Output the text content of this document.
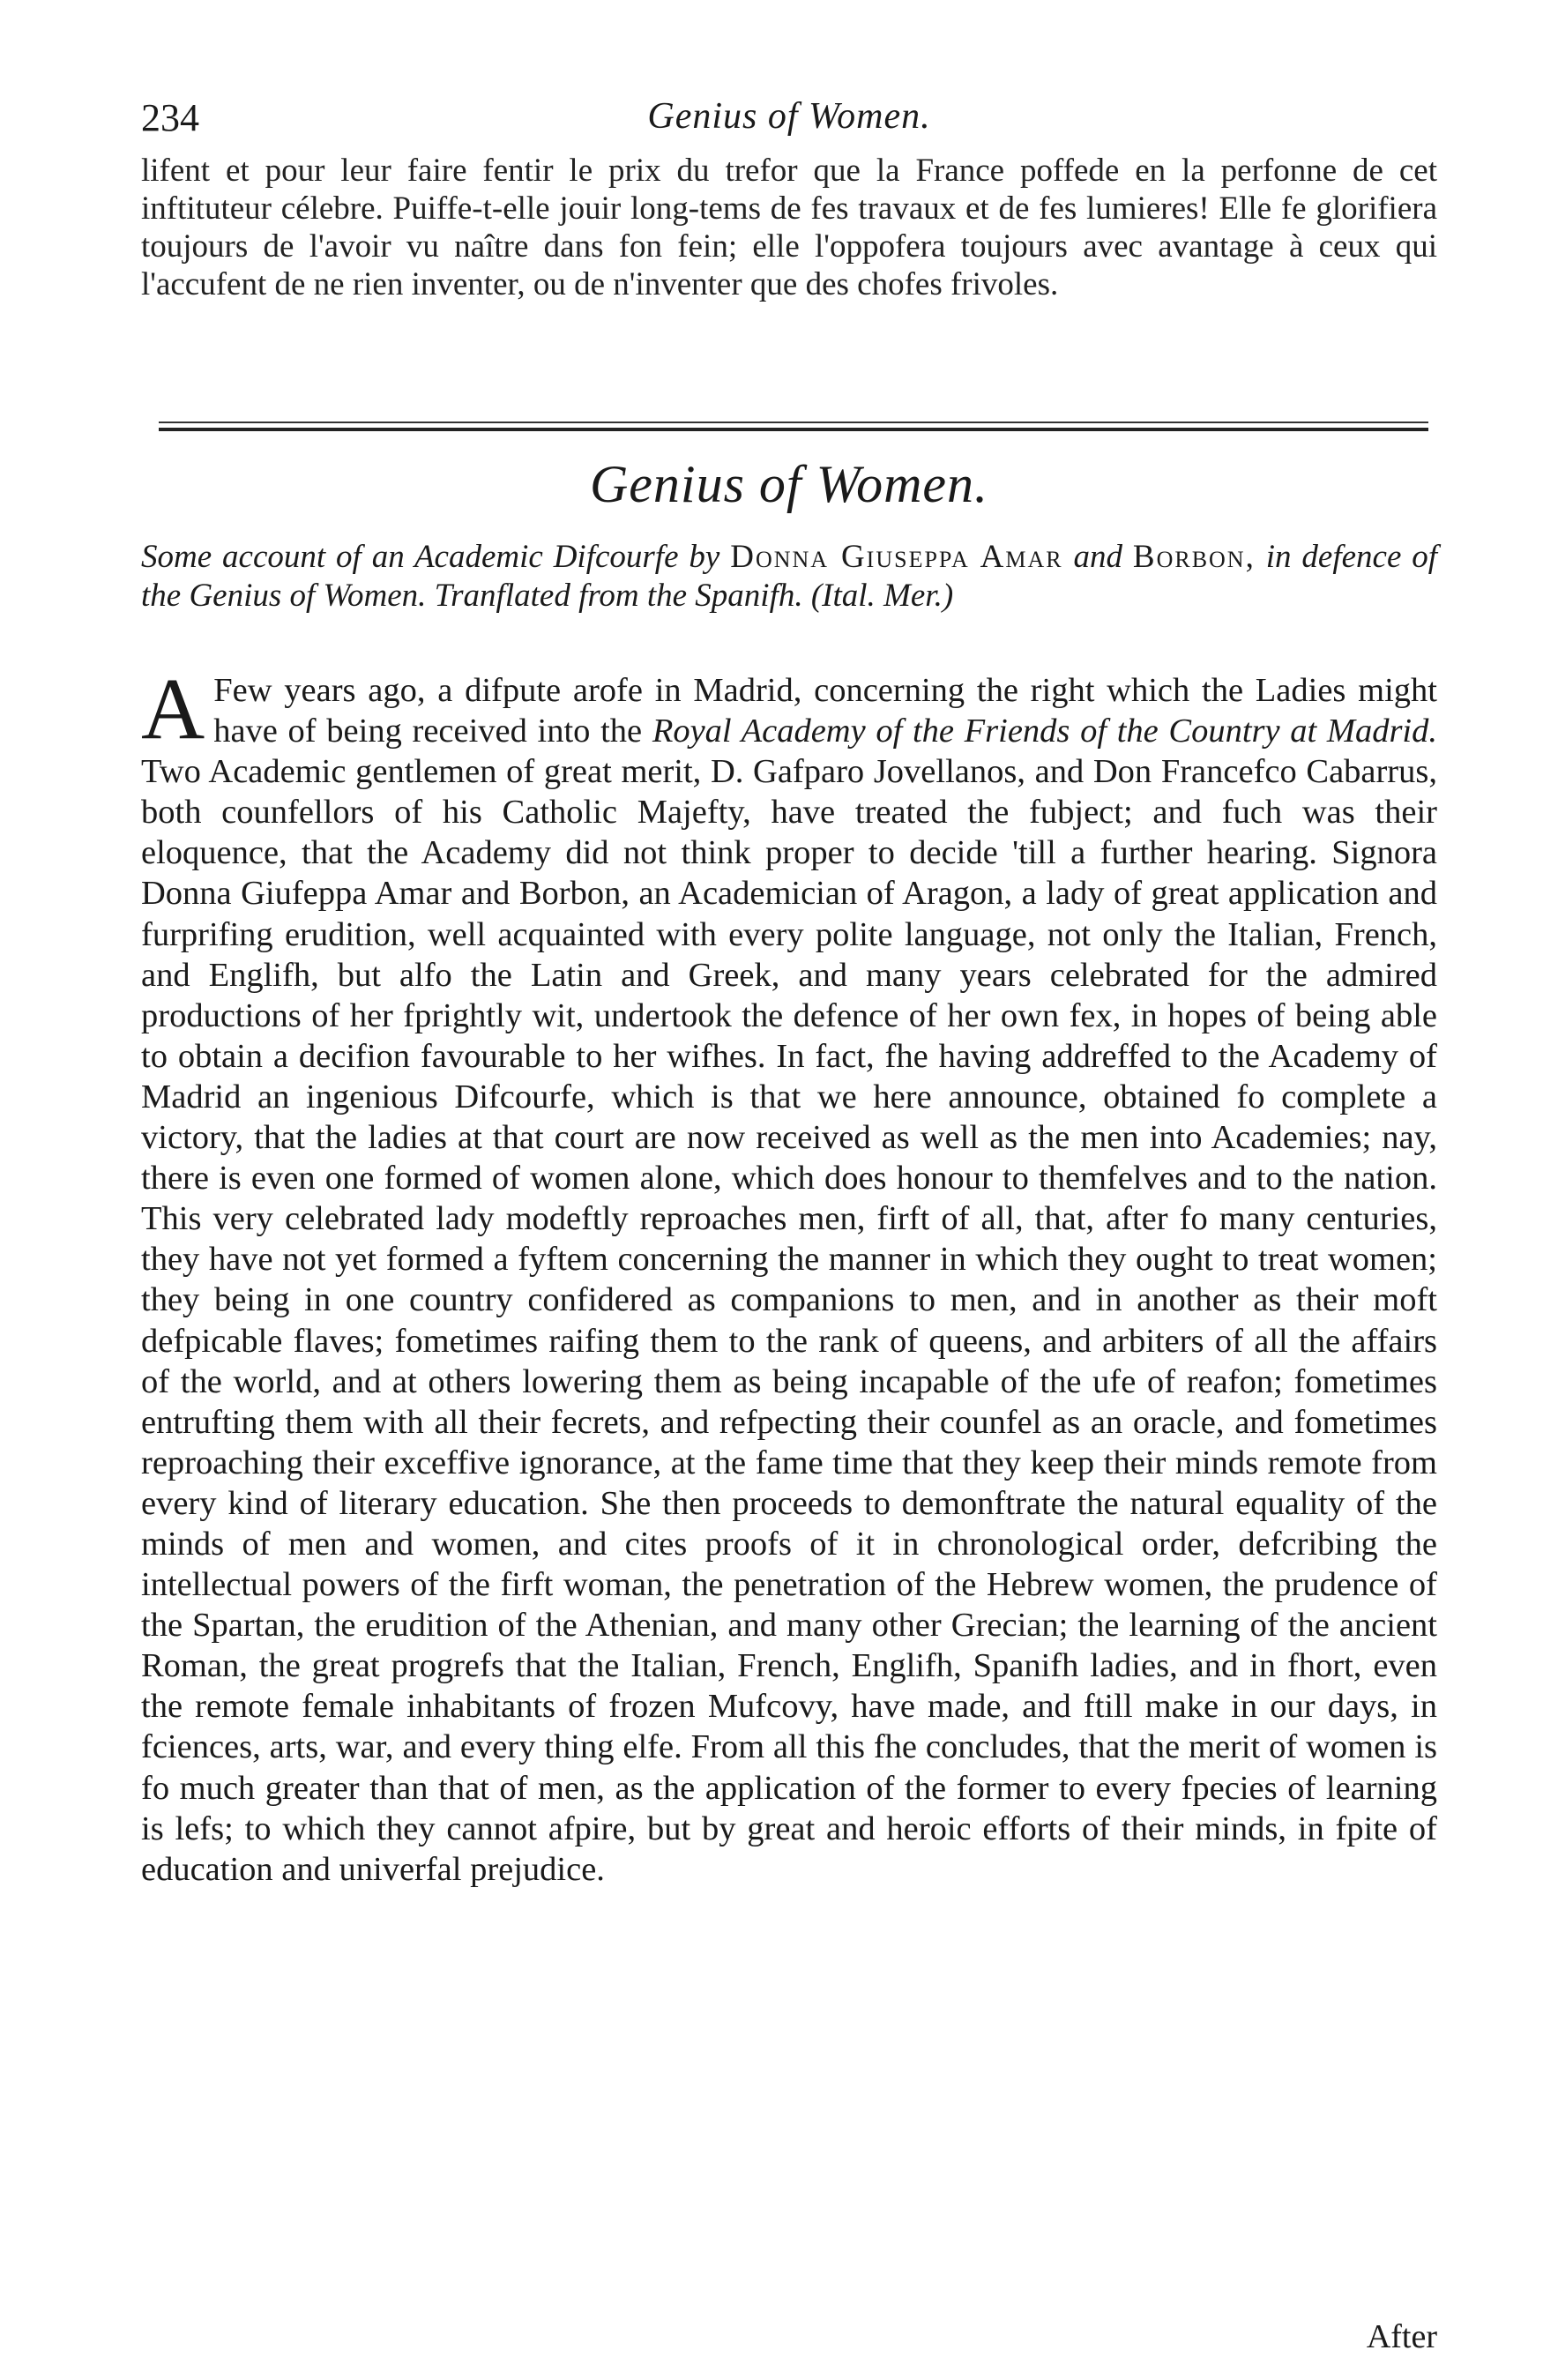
234	Genius of Women.

lifent et pour leur faire fentir le prix du trefor que la France poffede en la perfonne de cet inftituteur célebre. Puiffe-t-elle jouir long-tems de fes travaux et de fes lumieres! Elle fe glorifiera toujours de l'avoir vu naître dans fon fein; elle l'oppofera toujours avec avantage à ceux qui l'accufent de ne rien inventer, ou de n'inventer que des chofes frivoles.

Genius of Women.
Some account of an Academic Difcourfe by Donna Giuseppa Amar and Borbon, in defence of the Genius of Women. Tranflated from the Spanifh. (Ital. Mer.)

A Few years ago, a difpute arofe in Madrid, concerning the right which the Ladies might have of being received into the Royal Academy of the Friends of the Country at Madrid. Two Academic gentlemen of great merit, D. Gafparo Jovellanos, and Don Francefco Cabarrus, both counfellors of his Catholic Majefty, have treated the fubject; and fuch was their eloquence, that the Academy did not think proper to decide 'till a further hearing. Signora Donna Giufeppa Amar and Borbon, an Academician of Aragon, a lady of great application and furprifing erudition, well acquainted with every polite language, not only the Italian, French, and Englifh, but alfo the Latin and Greek, and many years celebrated for the admired productions of her fprightly wit, undertook the defence of her own fex, in hopes of being able to obtain a decifion favourable to her wifhes. In fact, fhe having addreffed to the Academy of Madrid an ingenious Difcourfe, which is that we here announce, obtained fo complete a victory, that the ladies at that court are now received as well as the men into Academies; nay, there is even one formed of women alone, which does honour to themfelves and to the nation. This very celebrated lady modeftly reproaches men, firft of all, that, after fo many centuries, they have not yet formed a fyftem concerning the manner in which they ought to treat women; they being in one country confidered as companions to men, and in another as their moft defpicable flaves; fometimes raifing them to the rank of queens, and arbiters of all the affairs of the world, and at others lowering them as being incapable of the ufe of reafon; fometimes entrufting them with all their fecrets, and refpecting their counfel as an oracle, and fometimes reproaching their exceffive ignorance, at the fame time that they keep their minds remote from every kind of literary education. She then proceeds to demonftrate the natural equality of the minds of men and women, and cites proofs of it in chronological order, defcribing the intellectual powers of the firft woman, the penetration of the Hebrew women, the prudence of the Spartan, the erudition of the Athenian, and many other Grecian; the learning of the ancient Roman, the great progrefs that the Italian, French, Englifh, Spanifh ladies, and in fhort, even the remote female inhabitants of frozen Mufcovy, have made, and ftill make in our days, in fciences, arts, war, and every thing elfe. From all this fhe concludes, that the merit of women is fo much greater than that of men, as the application of the former to every fpecies of learning is lefs; to which they cannot afpire, but by great and heroic efforts of their minds, in fpite of education and univerfal prejudice.

After
